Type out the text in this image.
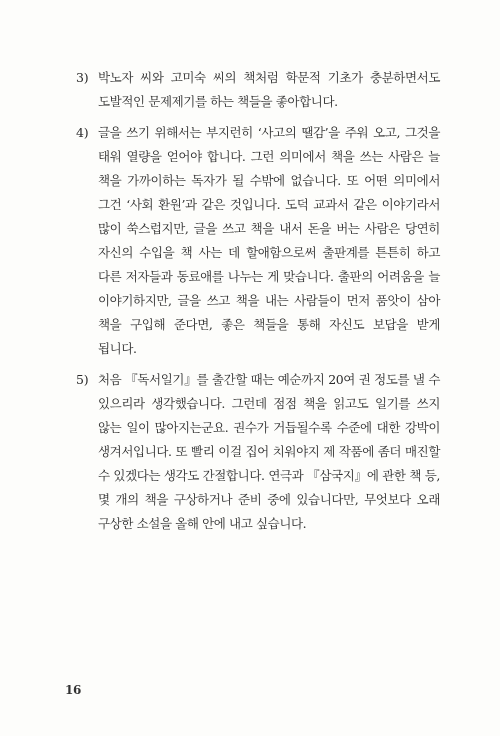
3) 박노자 씨와 고미숙 씨의 책처럼 학문적 기초가 충분하면서도 도발적인 문제제기를 하는 책들을 좋아합니다.
4) 글을 쓰기 위해서는 부지런히 ‘사고의 땔감’을 주워 오고, 그것을 태워 열량을 얻어야 합니다. 그런 의미에서 책을 쓰는 사람은 늘 책을 가까이하는 독자가 될 수밖에 없습니다. 또 어떤 의미에서 그건 ‘사회 환원’과 같은 것입니다. 도덕 교과서 같은 이야기라서 많이 쑥스럽지만, 글을 쓰고 책을 내서 돈을 버는 사람은 당연히 자신의 수입을 책 사는 데 할애함으로써 출판계를 튼튼히 하고 다른 저자들과 동료애를 나누는 게 맞습니다. 출판의 어려움을 늘 이야기하지만, 글을 쓰고 책을 내는 사람들이 먼저 품앗이 삼아 책을 구입해 준다면, 좋은 책들을 통해 자신도 보답을 받게 됩니다.
5) 처음 『독서일기』를 출간할 때는 예순까지 20여 권 정도를 낼 수 있으리라 생각했습니다. 그런데 점점 책을 읽고도 일기를 쓰지 않는 일이 많아지는군요. 권수가 거듭될수록 수준에 대한 강박이 생겨서입니다. 또 빨리 이걸 집어 치워야지 제 작품에 좀더 매진할 수 있겠다는 생각도 간절합니다. 연극과 『삼국지』에 관한 책 등, 몇 개의 책을 구상하거나 준비 중에 있습니다만, 무엇보다 오래 구상한 소설을 올해 안에 내고 싶습니다.
16
